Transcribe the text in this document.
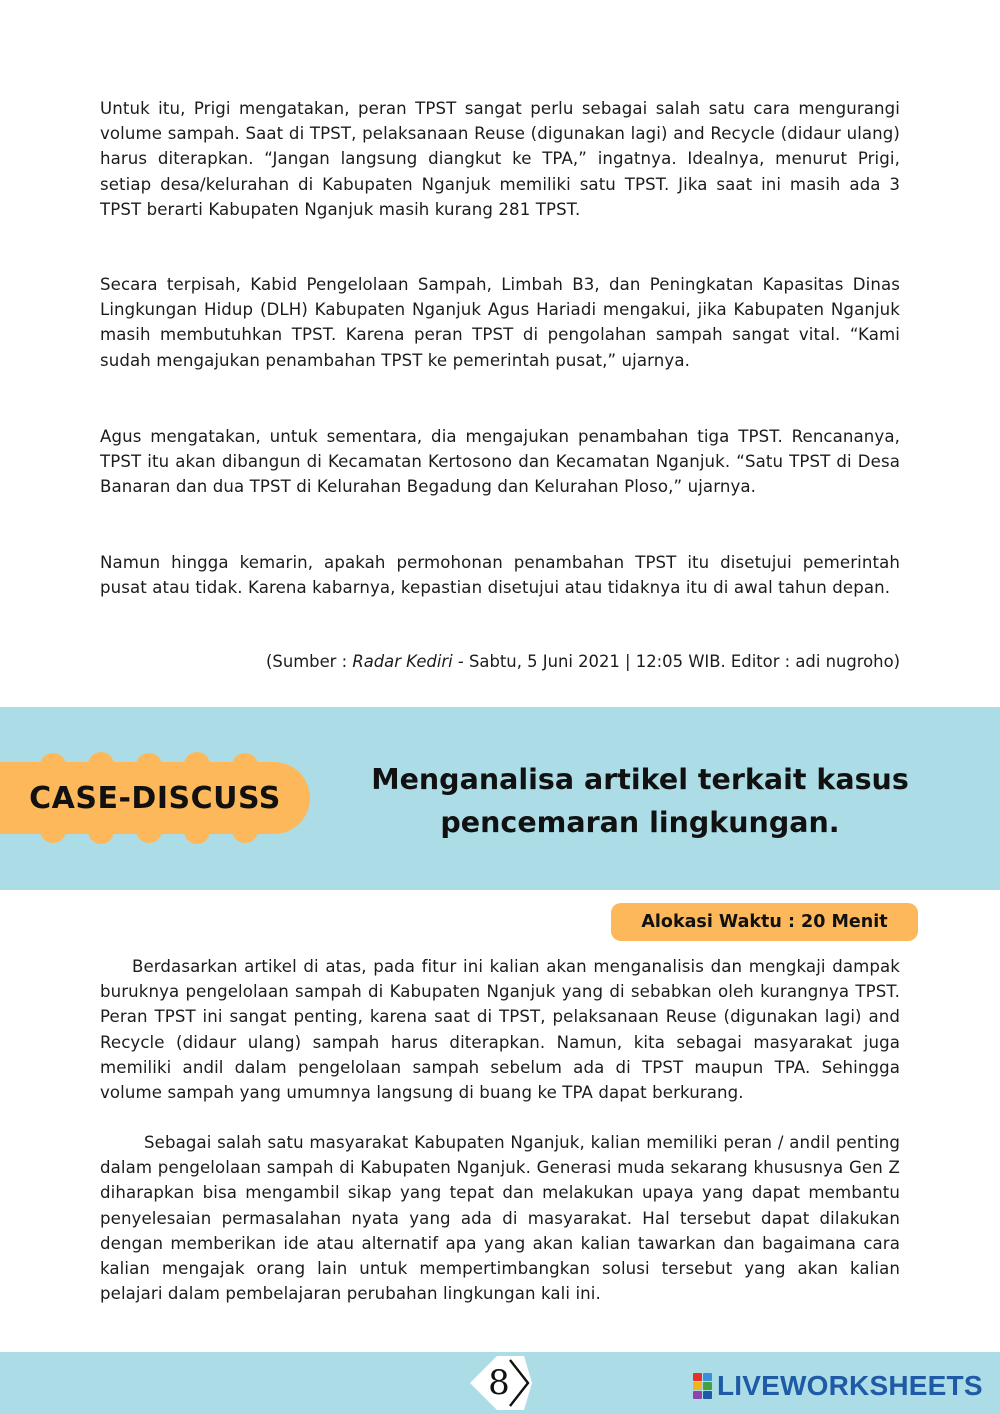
Untuk itu, Prigi mengatakan, peran TPST sangat perlu sebagai salah satu cara mengurangi volume sampah. Saat di TPST, pelaksanaan Reuse (digunakan lagi) and Recycle (didaur ulang) harus diterapkan. “Jangan langsung diangkut ke TPA,” ingatnya. Idealnya, menurut Prigi, setiap desa/kelurahan di Kabupaten Nganjuk memiliki satu TPST. Jika saat ini masih ada 3 TPST berarti Kabupaten Nganjuk masih kurang 281 TPST.

Secara terpisah, Kabid Pengelolaan Sampah, Limbah B3, dan Peningkatan Kapasitas Dinas Lingkungan Hidup (DLH) Kabupaten Nganjuk Agus Hariadi mengakui, jika Kabupaten Nganjuk masih membutuhkan TPST. Karena peran TPST di pengolahan sampah sangat vital. “Kami sudah mengajukan penambahan TPST ke pemerintah pusat,” ujarnya.

Agus mengatakan, untuk sementara, dia mengajukan penambahan tiga TPST. Rencananya, TPST itu akan dibangun di Kecamatan Kertosono dan Kecamatan Nganjuk. “Satu TPST di Desa Banaran dan dua TPST di Kelurahan Begadung dan Kelurahan Ploso,” ujarnya.

Namun hingga kemarin, apakah permohonan penambahan TPST itu disetujui pemerintah pusat atau tidak. Karena kabarnya, kepastian disetujui atau tidaknya itu di awal tahun depan.

(Sumber : Radar Kediri - Sabtu, 5 Juni 2021 | 12:05 WIB. Editor : adi nugroho)

CASE-DISCUSS
Menganalisa artikel terkait kasus
pencemaran lingkungan.
Alokasi Waktu : 20 Menit

Berdasarkan artikel di atas, pada fitur ini kalian akan menganalisis dan mengkaji dampak buruknya pengelolaan sampah di Kabupaten Nganjuk yang di sebabkan oleh kurangnya TPST. Peran TPST ini sangat penting, karena saat di TPST, pelaksanaan Reuse (digunakan lagi) and Recycle (didaur ulang) sampah harus diterapkan. Namun, kita sebagai masyarakat juga memiliki andil dalam pengelolaan sampah sebelum ada di TPST maupun TPA. Sehingga volume sampah yang umumnya langsung di buang ke TPA dapat berkurang.

Sebagai salah satu masyarakat Kabupaten Nganjuk, kalian memiliki peran / andil penting dalam pengelolaan sampah di Kabupaten Nganjuk. Generasi muda sekarang khususnya Gen Z diharapkan bisa mengambil sikap yang tepat dan melakukan upaya yang dapat membantu penyelesaian permasalahan nyata yang ada di masyarakat. Hal tersebut dapat dilakukan dengan memberikan ide atau alternatif apa yang akan kalian tawarkan dan bagaimana cara kalian mengajak orang lain untuk mempertimbangkan solusi tersebut yang akan kalian pelajari dalam pembelajaran perubahan lingkungan kali ini.

8	LIVEWORKSHEETS
